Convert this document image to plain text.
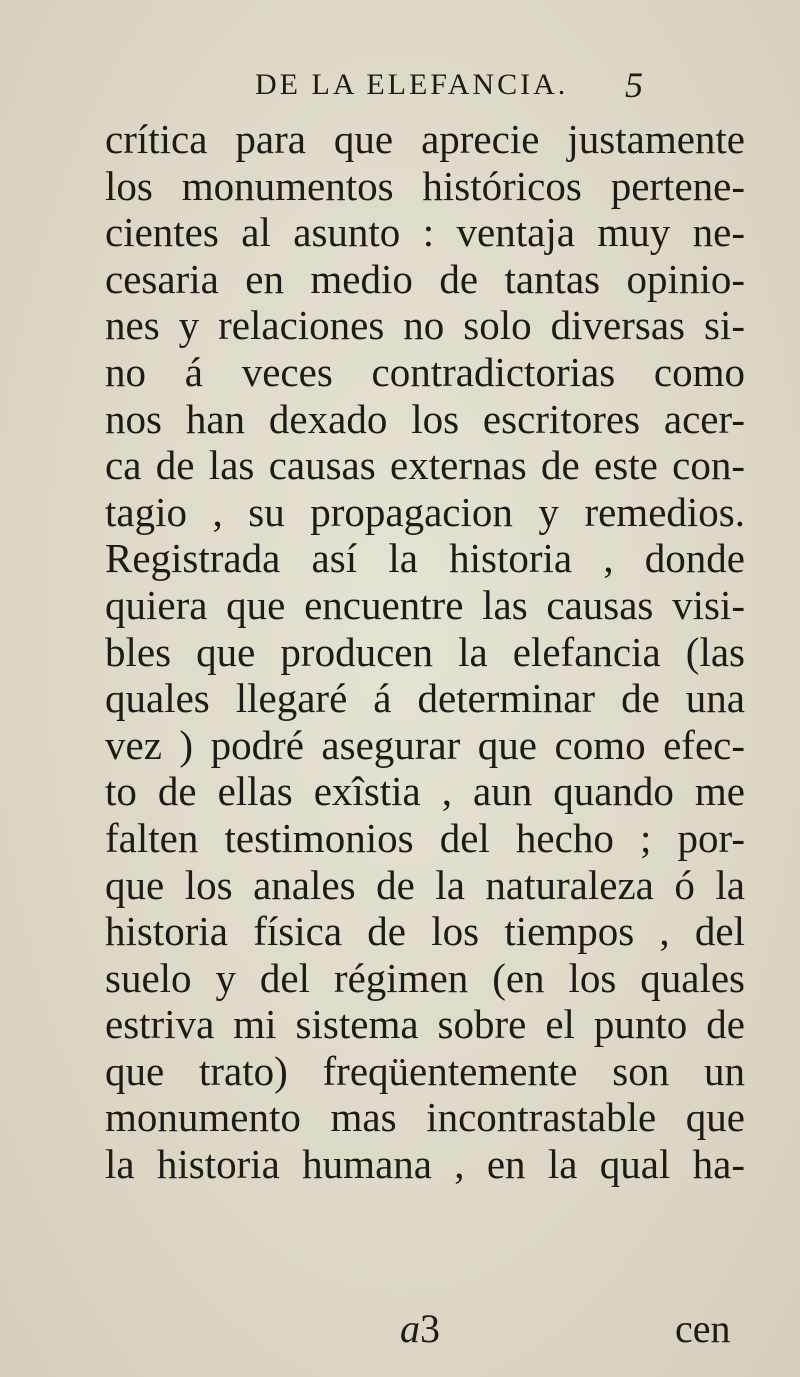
DE LA ELEFANCIA. 5
crítica para que aprecie justamente
los monumentos históricos pertene-
cientes al asunto : ventaja muy ne-
cesaria en medio de tantas opinio-
nes y relaciones no solo diversas si-
no á veces contradictorias como
nos han dexado los escritores acer-
ca de las causas externas de este con-
tagio , su propagacion y remedios.
Registrada así la historia , donde
quiera que encuentre las causas visi-
bles que producen la elefancia (las
quales llegaré á determinar de una
vez ) podré asegurar que como efec-
to de ellas exîstia , aun quando me
falten testimonios del hecho ; por-
que los anales de la naturaleza ó la
historia física de los tiempos , del
suelo y del régimen (en los quales
estriva mi sistema sobre el punto de
que trato) freqüentemente son un
monumento mas incontrastable que
la historia humana , en la qual ha-
a3	cen
